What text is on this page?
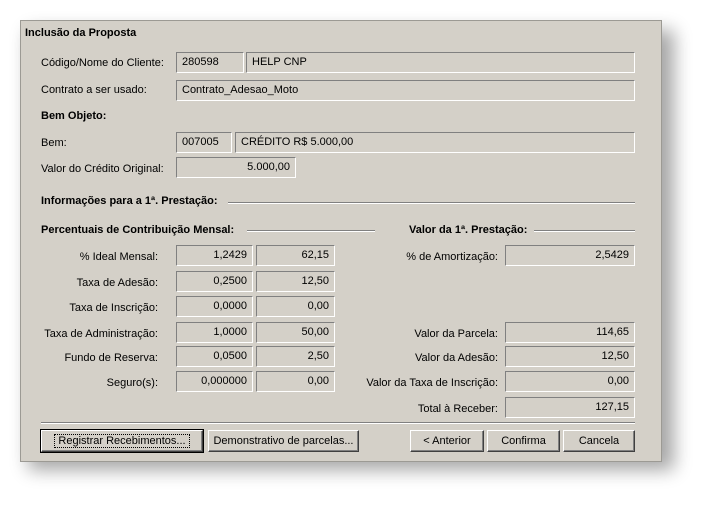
Inclusão da Proposta
Código/Nome do Cliente:	280598	HELP CNP
Contrato a ser usado:	Contrato_Adesao_Moto
Bem Objeto:
Bem:	007005	CRÉDITO R$ 5.000,00
Valor do Crédito Original:	5.000,00
Informações para a 1ª. Prestação:
Percentuais de Contribuição Mensal:
% Ideal Mensal:	1,2429	62,15
Taxa de Adesão:	0,2500	12,50
Taxa de Inscrição:	0,0000	0,00
Taxa de Administração:	1,0000	50,00
Fundo de Reserva:	0,0500	2,50
Seguro(s):	0,000000	0,00
Valor da 1ª. Prestação:
% de Amortização:	2,5429
Valor da Parcela:	114,65
Valor da Adesão:	12,50
Valor da Taxa de Inscrição:	0,00
Total à Receber:	127,15
Registrar Recebimentos...	Demonstrativo de parcelas...	< Anterior	Confirma	Cancela
